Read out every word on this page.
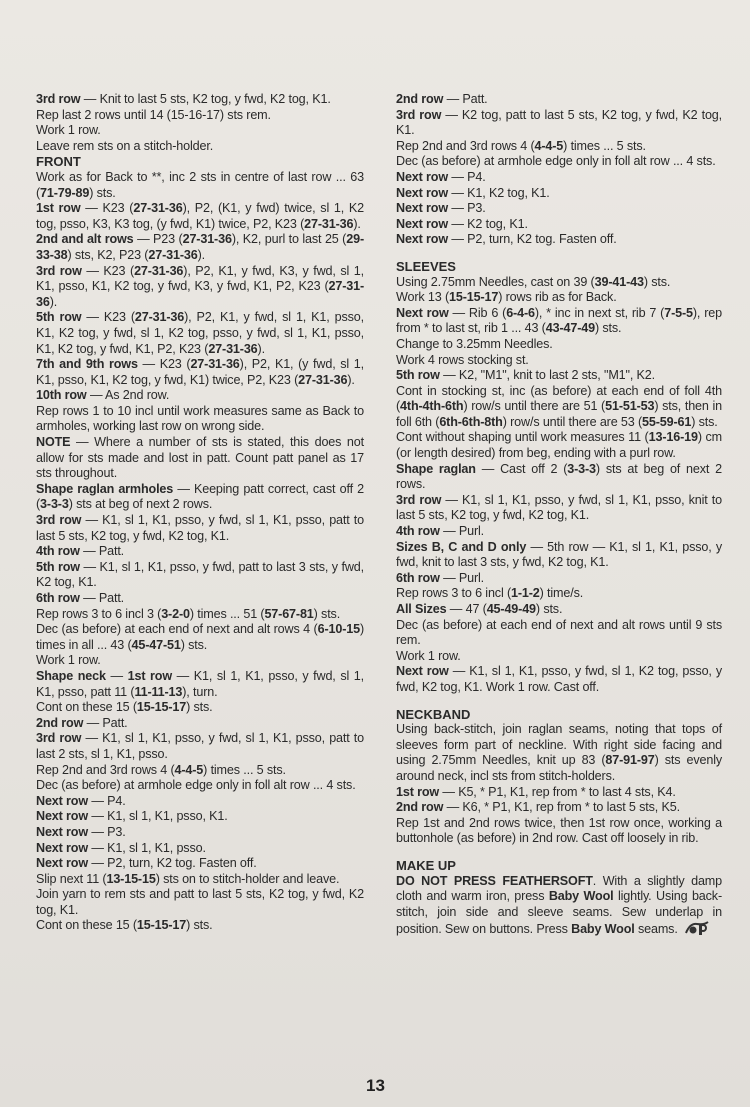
3rd row — Knit to last 5 sts, K2 tog, y fwd, K2 tog, K1.

Rep last 2 rows until 14 (15-16-17) sts rem.

Work 1 row.

Leave rem sts on a stitch-holder.

FRONT

Work as for Back to **, inc 2 sts in centre of last row ... 63 (71-79-89) sts.

1st row — K23 (27-31-36), P2, (K1, y fwd) twice, sl 1, K2 tog, psso, K3, K3 tog, (y fwd, K1) twice, P2, K23 (27-31-36).

2nd and alt rows — P23 (27-31-36), K2, purl to last 25 (29-33-38) sts, K2, P23 (27-31-36).

3rd row — K23 (27-31-36), P2, K1, y fwd, K3, y fwd, sl 1, K1, psso, K1, K2 tog, y fwd, K3, y fwd, K1, P2, K23 (27-31-36).

5th row — K23 (27-31-36), P2, K1, y fwd, sl 1, K1, psso, K1, K2 tog, y fwd, sl 1, K2 tog, psso, y fwd, sl 1, K1, psso, K1, K2 tog, y fwd, K1, P2, K23 (27-31-36).

7th and 9th rows — K23 (27-31-36), P2, K1, (y fwd, sl 1, K1, psso, K1, K2 tog, y fwd, K1) twice, P2, K23 (27-31-36).

10th row — As 2nd row.

Rep rows 1 to 10 incl until work measures same as Back to armholes, working last row on wrong side.

NOTE — Where a number of sts is stated, this does not allow for sts made and lost in patt. Count patt panel as 17 sts throughout.

Shape raglan armholes — Keeping patt correct, cast off 2 (3-3-3) sts at beg of next 2 rows.

3rd row — K1, sl 1, K1, psso, y fwd, sl 1, K1, psso, patt to last 5 sts, K2 tog, y fwd, K2 tog, K1.

4th row — Patt.

5th row — K1, sl 1, K1, psso, y fwd, patt to last 3 sts, y fwd, K2 tog, K1.

6th row — Patt.

Rep rows 3 to 6 incl 3 (3-2-0) times ... 51 (57-67-81) sts.

Dec (as before) at each end of next and alt rows 4 (6-10-15) times in all ... 43 (45-47-51) sts.

Work 1 row.

Shape neck — 1st row — K1, sl 1, K1, psso, y fwd, sl 1, K1, psso, patt 11 (11-11-13), turn.

Cont on these 15 (15-15-17) sts.

2nd row — Patt.

3rd row — K1, sl 1, K1, psso, y fwd, sl 1, K1, psso, patt to last 2 sts, sl 1, K1, psso.

Rep 2nd and 3rd rows 4 (4-4-5) times ... 5 sts.

Dec (as before) at armhole edge only in foll alt row ... 4 sts.

Next row — P4.

Next row — K1, sl 1, K1, psso, K1.

Next row — P3.

Next row — K1, sl 1, K1, psso.

Next row — P2, turn, K2 tog. Fasten off.

Slip next 11 (13-15-15) sts on to stitch-holder and leave.

Join yarn to rem sts and patt to last 5 sts, K2 tog, y fwd, K2 tog, K1.

Cont on these 15 (15-15-17) sts.

2nd row — Patt.

3rd row — K2 tog, patt to last 5 sts, K2 tog, y fwd, K2 tog, K1.

Rep 2nd and 3rd rows 4 (4-4-5) times ... 5 sts.

Dec (as before) at armhole edge only in foll alt row ... 4 sts.

Next row — P4.

Next row — K1, K2 tog, K1.

Next row — P3.

Next row — K2 tog, K1.

Next row — P2, turn, K2 tog. Fasten off.

SLEEVES

Using 2.75mm Needles, cast on 39 (39-41-43) sts.

Work 13 (15-15-17) rows rib as for Back.

Next row — Rib 6 (6-4-6), * inc in next st, rib 7 (7-5-5), rep from * to last st, rib 1 ... 43 (43-47-49) sts.

Change to 3.25mm Needles.

Work 4 rows stocking st.

5th row — K2, "M1", knit to last 2 sts, "M1", K2.

Cont in stocking st, inc (as before) at each end of foll 4th (4th-4th-6th) row/s until there are 51 (51-51-53) sts, then in foll 6th (6th-6th-8th) row/s until there are 53 (55-59-61) sts.

Cont without shaping until work measures 11 (13-16-19) cm (or length desired) from beg, ending with a purl row.

Shape raglan — Cast off 2 (3-3-3) sts at beg of next 2 rows.

3rd row — K1, sl 1, K1, psso, y fwd, sl 1, K1, psso, knit to last 5 sts, K2 tog, y fwd, K2 tog, K1.

4th row — Purl.

Sizes B, C and D only — 5th row — K1, sl 1, K1, psso, y fwd, knit to last 3 sts, y fwd, K2 tog, K1.

6th row — Purl.

Rep rows 3 to 6 incl (1-1-2) time/s.

All Sizes — 47 (45-49-49) sts.

Dec (as before) at each end of next and alt rows until 9 sts rem.

Work 1 row.

Next row — K1, sl 1, K1, psso, y fwd, sl 1, K2 tog, psso, y fwd, K2 tog, K1. Work 1 row. Cast off.

NECKBAND

Using back-stitch, join raglan seams, noting that tops of sleeves form part of neckline. With right side facing and using 2.75mm Needles, knit up 83 (87-91-97) sts evenly around neck, incl sts from stitch-holders.

1st row — K5, * P1, K1, rep from * to last 4 sts, K4.

2nd row — K6, * P1, K1, rep from * to last 5 sts, K5.

Rep 1st and 2nd rows twice, then 1st row once, working a buttonhole (as before) in 2nd row. Cast off loosely in rib.

MAKE UP

DO NOT PRESS FEATHERSOFT. With a slightly damp cloth and warm iron, press Baby Wool lightly. Using back-stitch, join side and sleeve seams. Sew underlap in position. Sew on buttons. Press Baby Wool seams.

13
